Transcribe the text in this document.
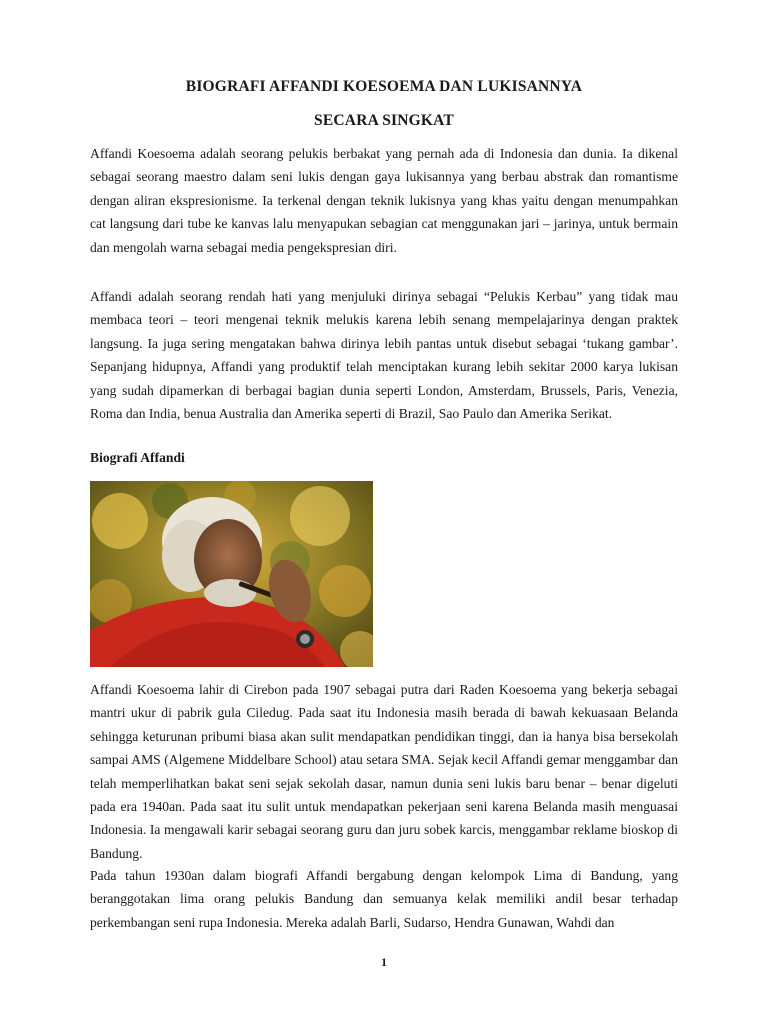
BIOGRAFI AFFANDI KOESOEMA DAN LUKISANNYA

SECARA SINGKAT

Affandi Koesoema adalah seorang pelukis berbakat yang pernah ada di Indonesia dan dunia. Ia dikenal sebagai seorang maestro dalam seni lukis dengan gaya lukisannya yang berbau abstrak dan romantisme dengan aliran ekspresionisme. Ia terkenal dengan teknik lukisnya yang khas yaitu dengan menumpahkan cat langsung dari tube ke kanvas lalu menyapukan sebagian cat menggunakan jari – jarinya, untuk bermain dan mengolah warna sebagai media pengekspresian diri.

Affandi adalah seorang rendah hati yang menjuluki dirinya sebagai “Pelukis Kerbau” yang tidak mau membaca teori – teori mengenai teknik melukis karena lebih senang mempelajarinya dengan praktek langsung. Ia juga sering mengatakan bahwa dirinya lebih pantas untuk disebut sebagai ‘tukang gambar’. Sepanjang hidupnya, Affandi yang produktif telah menciptakan kurang lebih sekitar 2000 karya lukisan yang sudah dipamerkan di berbagai bagian dunia seperti London, Amsterdam, Brussels, Paris, Venezia, Roma dan India, benua Australia dan Amerika seperti di Brazil, Sao Paulo dan Amerika Serikat.

Biografi Affandi

Affandi Koesoema lahir di Cirebon pada 1907 sebagai putra dari Raden Koesoema yang bekerja sebagai mantri ukur di pabrik gula Ciledug. Pada saat itu Indonesia masih berada di bawah kekuasaan Belanda sehingga keturunan pribumi biasa akan sulit mendapatkan pendidikan tinggi, dan ia hanya bisa bersekolah sampai AMS (Algemene Middelbare School) atau setara SMA. Sejak kecil Affandi gemar menggambar dan telah memperlihatkan bakat seni sejak sekolah dasar, namun dunia seni lukis baru benar – benar digeluti pada era 1940an. Pada saat itu sulit untuk mendapatkan pekerjaan seni karena Belanda masih menguasai Indonesia. Ia mengawali karir sebagai seorang guru dan juru sobek karcis, menggambar reklame bioskop di Bandung.

Pada tahun 1930an dalam biografi Affandi bergabung dengan kelompok Lima di Bandung, yang beranggotakan lima orang pelukis Bandung dan semuanya kelak memiliki andil besar terhadap perkembangan seni rupa Indonesia. Mereka adalah Barli, Sudarso, Hendra Gunawan, Wahdi dan

1
